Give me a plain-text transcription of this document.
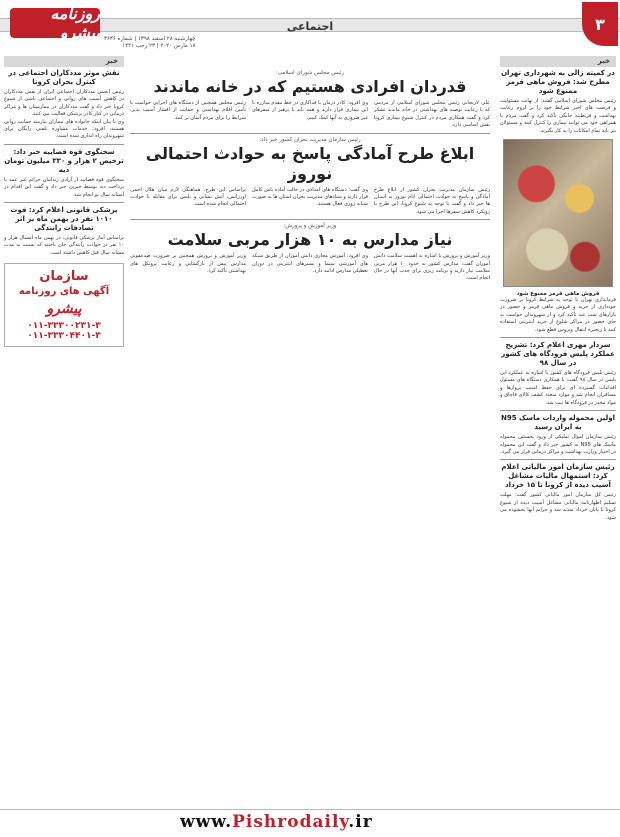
اجتماعی	۳
روزنامه پیشرو چهارشنبه ۲۸ اسفند ۱۳۹۸ | شماره ۳۶۳۶
۱۸ مارس ۲۰۲۰ | ۲۳ رجب ۱۴۴۱
خبر
در کمیته زالی به شهرداری تهران مطرح شد: فروش ماهی قرمز ممنوع شود
رئیس مجلس شورای اسلامی گفتند: از نهایت مسئولیت و فرصت های اخیر شرایط خود را بر لزوم رعایت بهداشت و قرنطینه خانگی تأکید کرد و گفت مردم با همراهی خود می توانند بیماری را کنترل کنند و مسئولان نیز باید تمام امکانات را به کار بگیرند.
فروش ماهی قرمز ممنوع شود
فرمانداری تهران با توجه به شرایط کرونا بر ضرورت خودداری از خرید و فروش ماهی قرمز و حضور در بازارهای شب عید تأکید کرد و از شهروندان خواست به جای حضور در مراکز شلوغ از خرید اینترنتی استفاده کنند تا زنجیره انتقال ویروس قطع شود.
سردار مهری اعلام کرد: تشریح عملکرد پلیس فرودگاه های کشور در سال ۹۸
رئیس پلیس فرودگاه های کشور با اشاره به عملکرد این پلیس در سال ۹۸ گفت: با همکاری دستگاه های مسئول اقدامات گسترده ای برای حفظ امنیت پروازها و مسافران انجام شد و موارد متعدد کشف کالای قاچاق و مواد مخدر در فرودگاه ها ثبت شد.
اولین محموله واردات ماسک N95 به ایران رسید
رئیس سازمان اموال تملیکی از ورود نخستین محموله ماسک های N95 به کشور خبر داد و گفت این محموله در اختیار وزارت بهداشت و مراکز درمانی قرار می گیرد.
رئیس سازمان امور مالیاتی اعلام کرد: استمهال مالیات مشاغل آسیب دیده از کرونا تا ۱۵ خرداد
رئیس کل سازمان امور مالیاتی کشور گفت: مهلت تسلیم اظهارنامه مالیاتی مشاغل آسیب دیده از شیوع کرونا تا پایان خرداد تمدید شد و جرایم آنها بخشوده می شود.
رئیس مجلس شورای اسلامی:
قدردان افرادی هستیم که در خانه ماندند
علی لاریجانی رئیس مجلس شورای اسلامی از مردمی که با رعایت توصیه های بهداشتی در خانه ماندند تشکر کرد و گفت همکاری مردم در کنترل شیوع بیماری کرونا نقش اساسی دارد.
وی افزود: کادر درمان با فداکاری در خط مقدم مبارزه با این بیماری قرار دارند و همه باید با پرهیز از سفرهای غیر ضروری به آنها کمک کنیم.
رئیس مجلس همچنین از دستگاه های اجرایی خواست با تأمین اقلام بهداشتی و حمایت از اقشار آسیب پذیر، شرایط را برای مردم آسان تر کنند.
رئیس سازمان مدیریت بحران کشور خبر داد:
ابلاغ طرح آمادگی پاسخ به حوادث احتمالی نوروز
رئیس سازمان مدیریت بحران کشور از ابلاغ طرح آمادگی و پاسخ به حوادث احتمالی ایام نوروز به استان ها خبر داد و گفت با توجه به شیوع کرونا، این طرح با رویکرد کاهش سفرها اجرا می شود.
وی گفت: دستگاه های امدادی در حالت آماده باش کامل قرار دارند و ستادهای مدیریت بحران استان ها به صورت شبانه روزی فعال هستند.
براساس این طرح، هماهنگی لازم میان هلال احمر، اورژانس، آتش نشانی و پلیس برای مقابله با حوادث احتمالی انجام شده است.
وزیر آموزش و پرورش:
نیاز مدارس به ۱۰ هزار مربی سلامت
وزیر آموزش و پرورش با اشاره به اهمیت سلامت دانش آموزان گفت: مدارس کشور به حدود ۱۰ هزار مربی سلامت نیاز دارند و برنامه ریزی برای جذب آنها در حال انجام است.
وی افزود: آموزش مجازی دانش آموزان از طریق شبکه های آموزشی سیما و بسترهای اینترنتی در دوران تعطیلی مدارس ادامه دارد.
وزیر آموزش و پرورش همچنین بر ضرورت ضدعفونی مدارس پیش از بازگشایی و رعایت پروتکل های بهداشتی تأکید کرد.
خبر
نقش موثر مددکاران اجتماعی در کنترل بحران کرونا
رئیس انجمن مددکاران اجتماعی ایران از نقش مددکاران در کاهش آسیب های روانی و اجتماعی ناشی از شیوع کرونا خبر داد و گفت مددکاران در بیمارستان ها و مراکز درمانی در کنار کادر پزشکی فعالیت می کنند.
وی با بیان اینکه خانواده های بیماران نیازمند حمایت روانی هستند، افزود: خدمات مشاوره تلفنی رایگان برای شهروندان راه اندازی شده است.
سخنگوی قوه قضاییه خبر داد: ترخیص ۲ هزار و ۳۳۰ میلیون تومان دیه
سخنگوی قوه قضاییه از آزادی زندانیان جرائم غیر عمد با پرداخت دیه توسط خیرین خبر داد و گفت این اقدام در آستانه سال نو انجام شد.
پزشکی قانونی اعلام کرد: فوت ۱۰۱۰ نفر در بهمن ماه بر اثر تصادفات رانندگی
براساس آمار پزشکی قانونی، در بهمن ماه امسال هزار و ۱۰ نفر در حوادث رانندگی جان باختند که نسبت به مدت مشابه سال قبل کاهش داشته است.
سازمان
آگهی های روزنامه
پیشرو
۰۱۱-۳۳۳۰۰۲۳۱-۳
۰۱۱-۳۳۳۰۴۴۰۱-۳
www.Pishrodaily.ir
